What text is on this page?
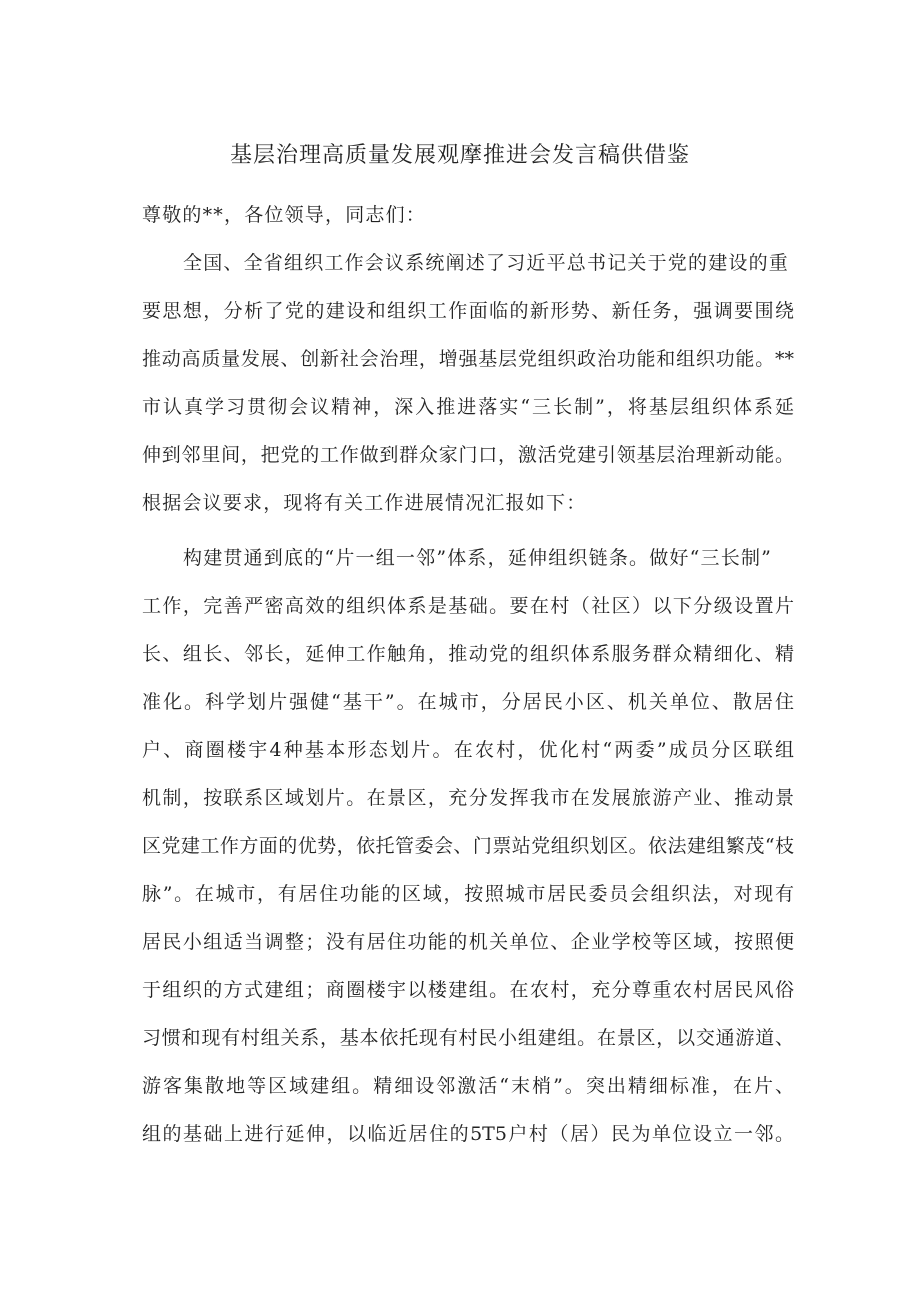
基层治理高质量发展观摩推进会发言稿供借鉴
尊敬的**，各位领导，同志们：
全国、全省组织工作会议系统阐述了习近平总书记关于党的建设的重
要思想，分析了党的建设和组织工作面临的新形势、新任务，强调要围绕
推动高质量发展、创新社会治理，增强基层党组织政治功能和组织功能。**
市认真学习贯彻会议精神，深入推进落实“三长制”，将基层组织体系延
伸到邻里间，把党的工作做到群众家门口，激活党建引领基层治理新动能。
根据会议要求，现将有关工作进展情况汇报如下：
构建贯通到底的“片一组一邻”体系，延伸组织链条。做好“三长制”
工作，完善严密高效的组织体系是基础。要在村（社区）以下分级设置片
长、组长、邻长，延伸工作触角，推动党的组织体系服务群众精细化、精
准化。科学划片强健“基干”。在城市，分居民小区、机关单位、散居住
户、商圈楼宇4种基本形态划片。在农村，优化村“两委”成员分区联组
机制，按联系区域划片。在景区，充分发挥我市在发展旅游产业、推动景
区党建工作方面的优势，依托管委会、门票站党组织划区。依法建组繁茂“枝
脉”。在城市，有居住功能的区域，按照城市居民委员会组织法，对现有
居民小组适当调整；没有居住功能的机关单位、企业学校等区域，按照便
于组织的方式建组；商圈楼宇以楼建组。在农村，充分尊重农村居民风俗
习惯和现有村组关系，基本依托现有村民小组建组。在景区，以交通游道、
游客集散地等区域建组。精细设邻激活“末梢”。突出精细标准，在片、
组的基础上进行延伸，以临近居住的5T5户村（居）民为单位设立一邻。
